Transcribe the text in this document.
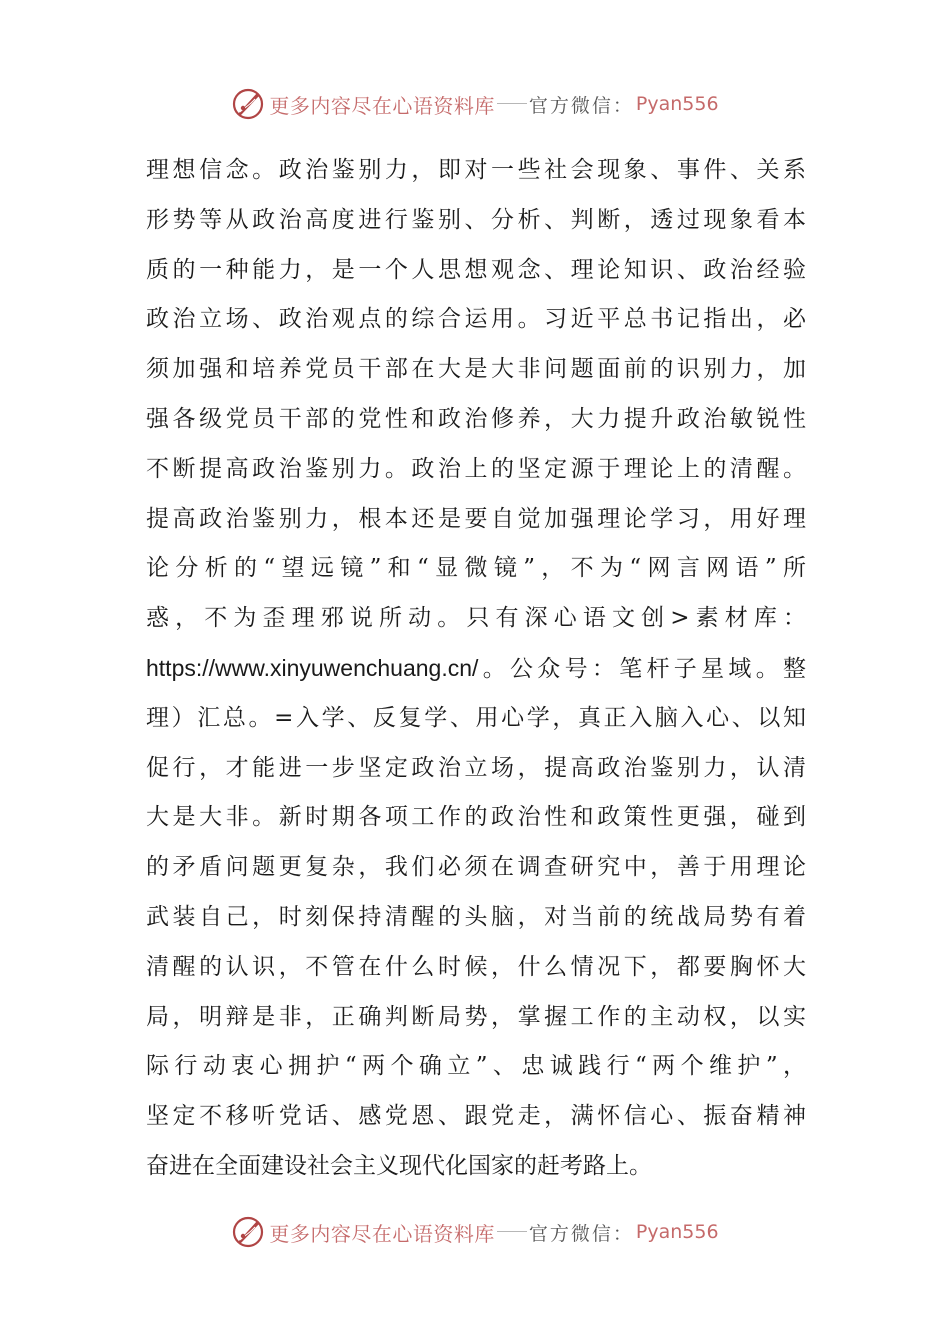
更多内容尽在心语资料库 官方微信： Pyan556
理想信念。政治鉴别力，即对一些社会现象、事件、关系
形势等从政治高度进行鉴别、分析、判断，透过现象看本
质的一种能力，是一个人思想观念、理论知识、政治经验
政治立场、政治观点的综合运用。习近平总书记指出，必
须加强和培养党员干部在大是大非问题面前的识别力，加
强各级党员干部的党性和政治修养，大力提升政治敏锐性
不断提高政治鉴别力。政治上的坚定源于理论上的清醒。
提高政治鉴别力，根本还是要自觉加强理论学习，用好理
论分析的“望远镜”和“显微镜”，不为“网言网语”所
惑，不为歪理邪说所动。只有深心语文创>素材库：
https://www.xinyuwenchuang.cn/。公众号：笔杆子星域。整
理）汇总。=入学、反复学、用心学，真正入脑入心、以知
促行，才能进一步坚定政治立场，提高政治鉴别力，认清
大是大非。新时期各项工作的政治性和政策性更强，碰到
的矛盾问题更复杂，我们必须在调查研究中，善于用理论
武装自己，时刻保持清醒的头脑，对当前的统战局势有着
清醒的认识，不管在什么时候，什么情况下，都要胸怀大
局，明辩是非，正确判断局势，掌握工作的主动权，以实
际行动衷心拥护“两个确立”、忠诚践行“两个维护”，
坚定不移听党话、感党恩、跟党走，满怀信心、振奋精神
奋进在全面建设社会主义现代化国家的赶考路上。
更多内容尽在心语资料库 官方微信： Pyan556
